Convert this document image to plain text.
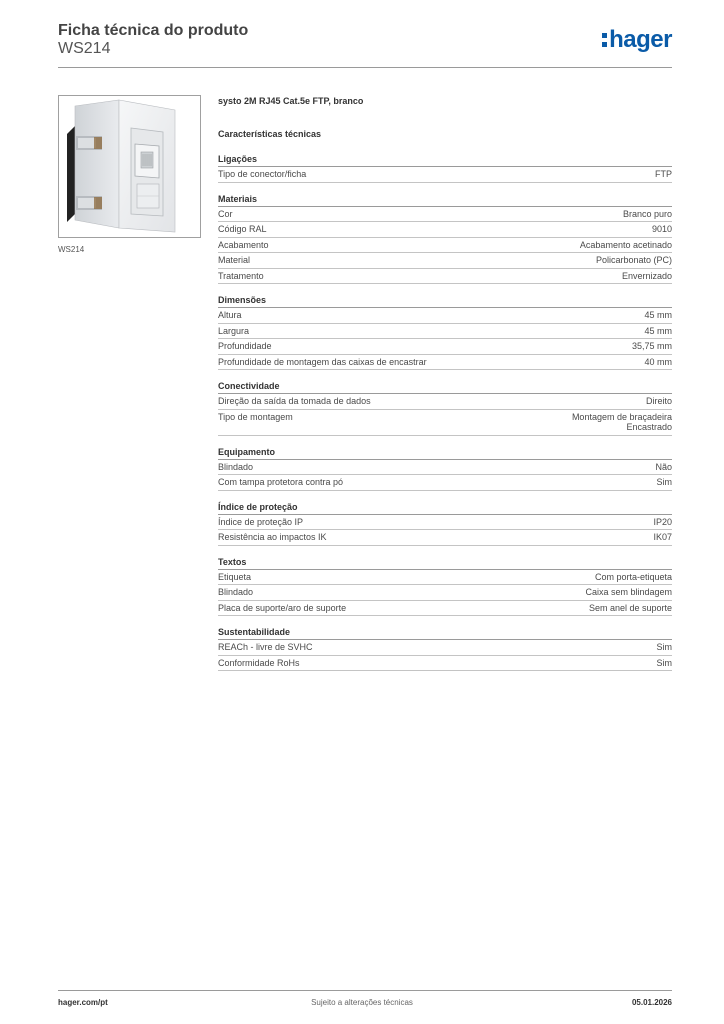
Ficha técnica do produto
WS214	hager
WS214
systo 2M RJ45 Cat.5e FTP, branco
Características técnicas
Ligações
Tipo de conector/ficha	FTP
Materiais
Cor	Branco puro
Código RAL	9010
Acabamento	Acabamento acetinado
Material	Policarbonato (PC)
Tratamento	Envernizado
Dimensões
Altura	45 mm
Largura	45 mm
Profundidade	35,75 mm
Profundidade de montagem das caixas de encastrar	40 mm
Conectividade
Direção da saída da tomada de dados	Direito
Tipo de montagem	Montagem de braçadeira
Encastrado
Equipamento
Blindado	Não
Com tampa protetora contra pó	Sim
Índice de proteção
Índice de proteção IP	IP20
Resistência ao impactos IK	IK07
Textos
Etiqueta	Com porta-etiqueta
Blindado	Caixa sem blindagem
Placa de suporte/aro de suporte	Sem anel de suporte
Sustentabilidade
REACh - livre de SVHC	Sim
Conformidade RoHs	Sim
hager.com/pt	Sujeito a alterações técnicas	05.01.2026
